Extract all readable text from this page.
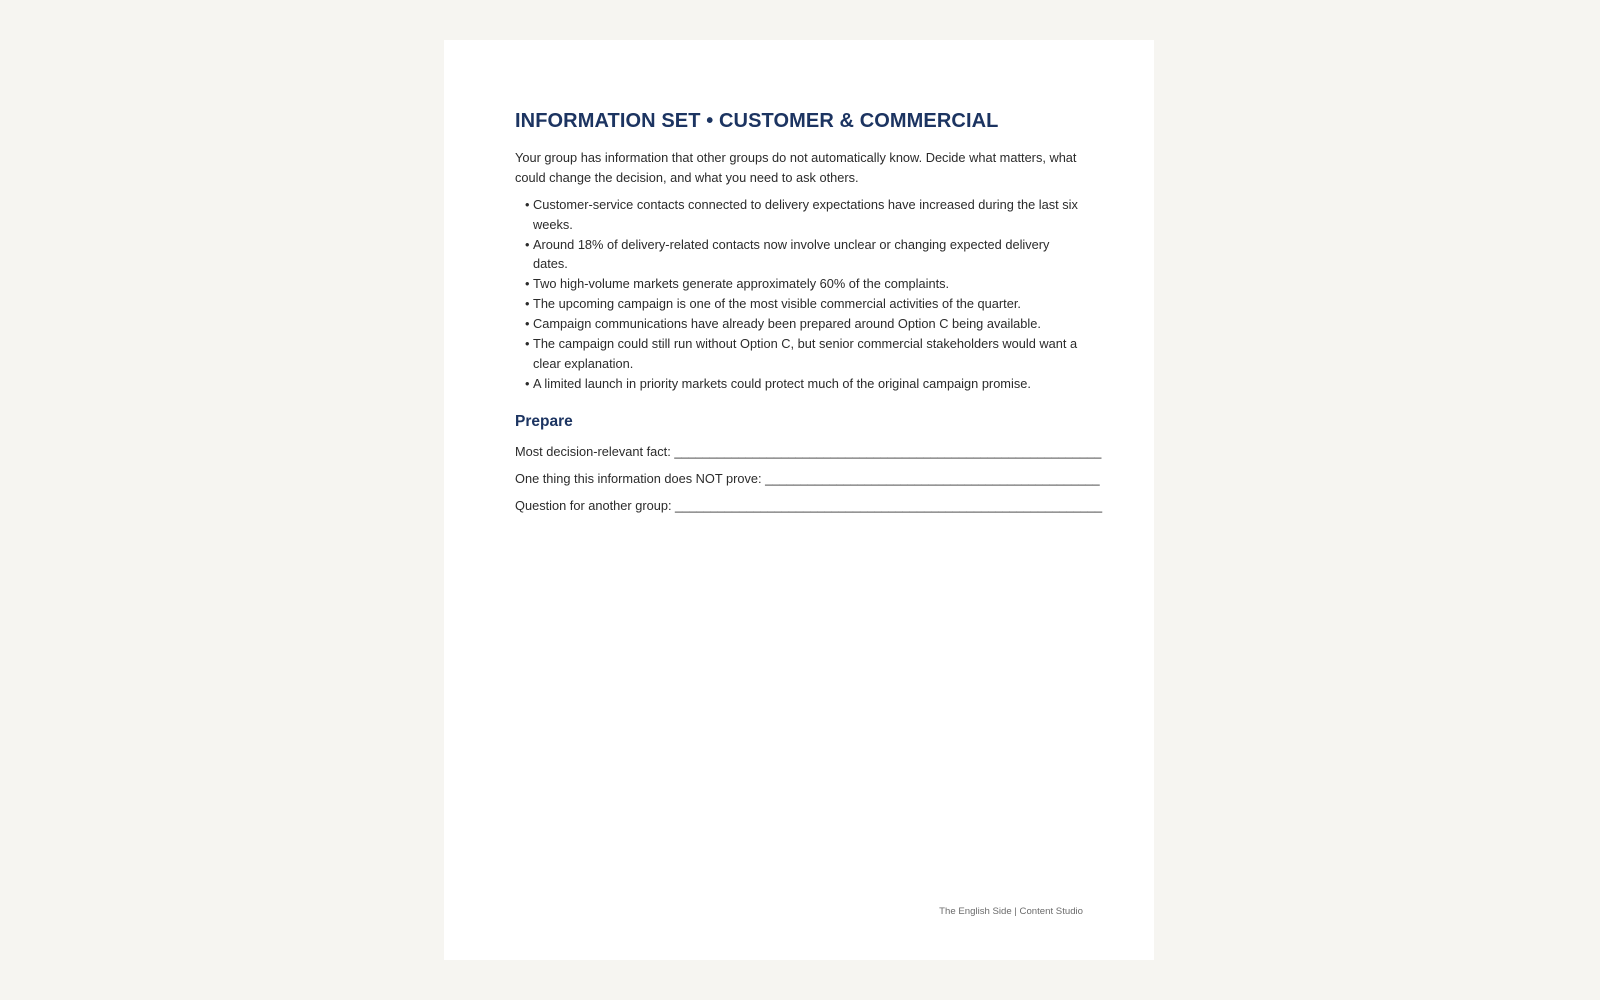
INFORMATION SET • CUSTOMER & COMMERCIAL

Your group has information that other groups do not automatically know. Decide what matters, what could change the decision, and what you need to ask others.

• Customer-service contacts connected to delivery expectations have increased during the last six weeks.
• Around 18% of delivery-related contacts now involve unclear or changing expected delivery dates.
• Two high-volume markets generate approximately 60% of the complaints.
• The upcoming campaign is one of the most visible commercial activities of the quarter.
• Campaign communications have already been prepared around Option C being available.
• The campaign could still run without Option C, but senior commercial stakeholders would want a clear explanation.
• A limited launch in priority markets could protect much of the original campaign promise.
Prepare

Most decision-relevant fact: ____________________________________________________________

One thing this information does NOT prove: _______________________________________________

Question for another group: ____________________________________________________________

The English Side | Content Studio
